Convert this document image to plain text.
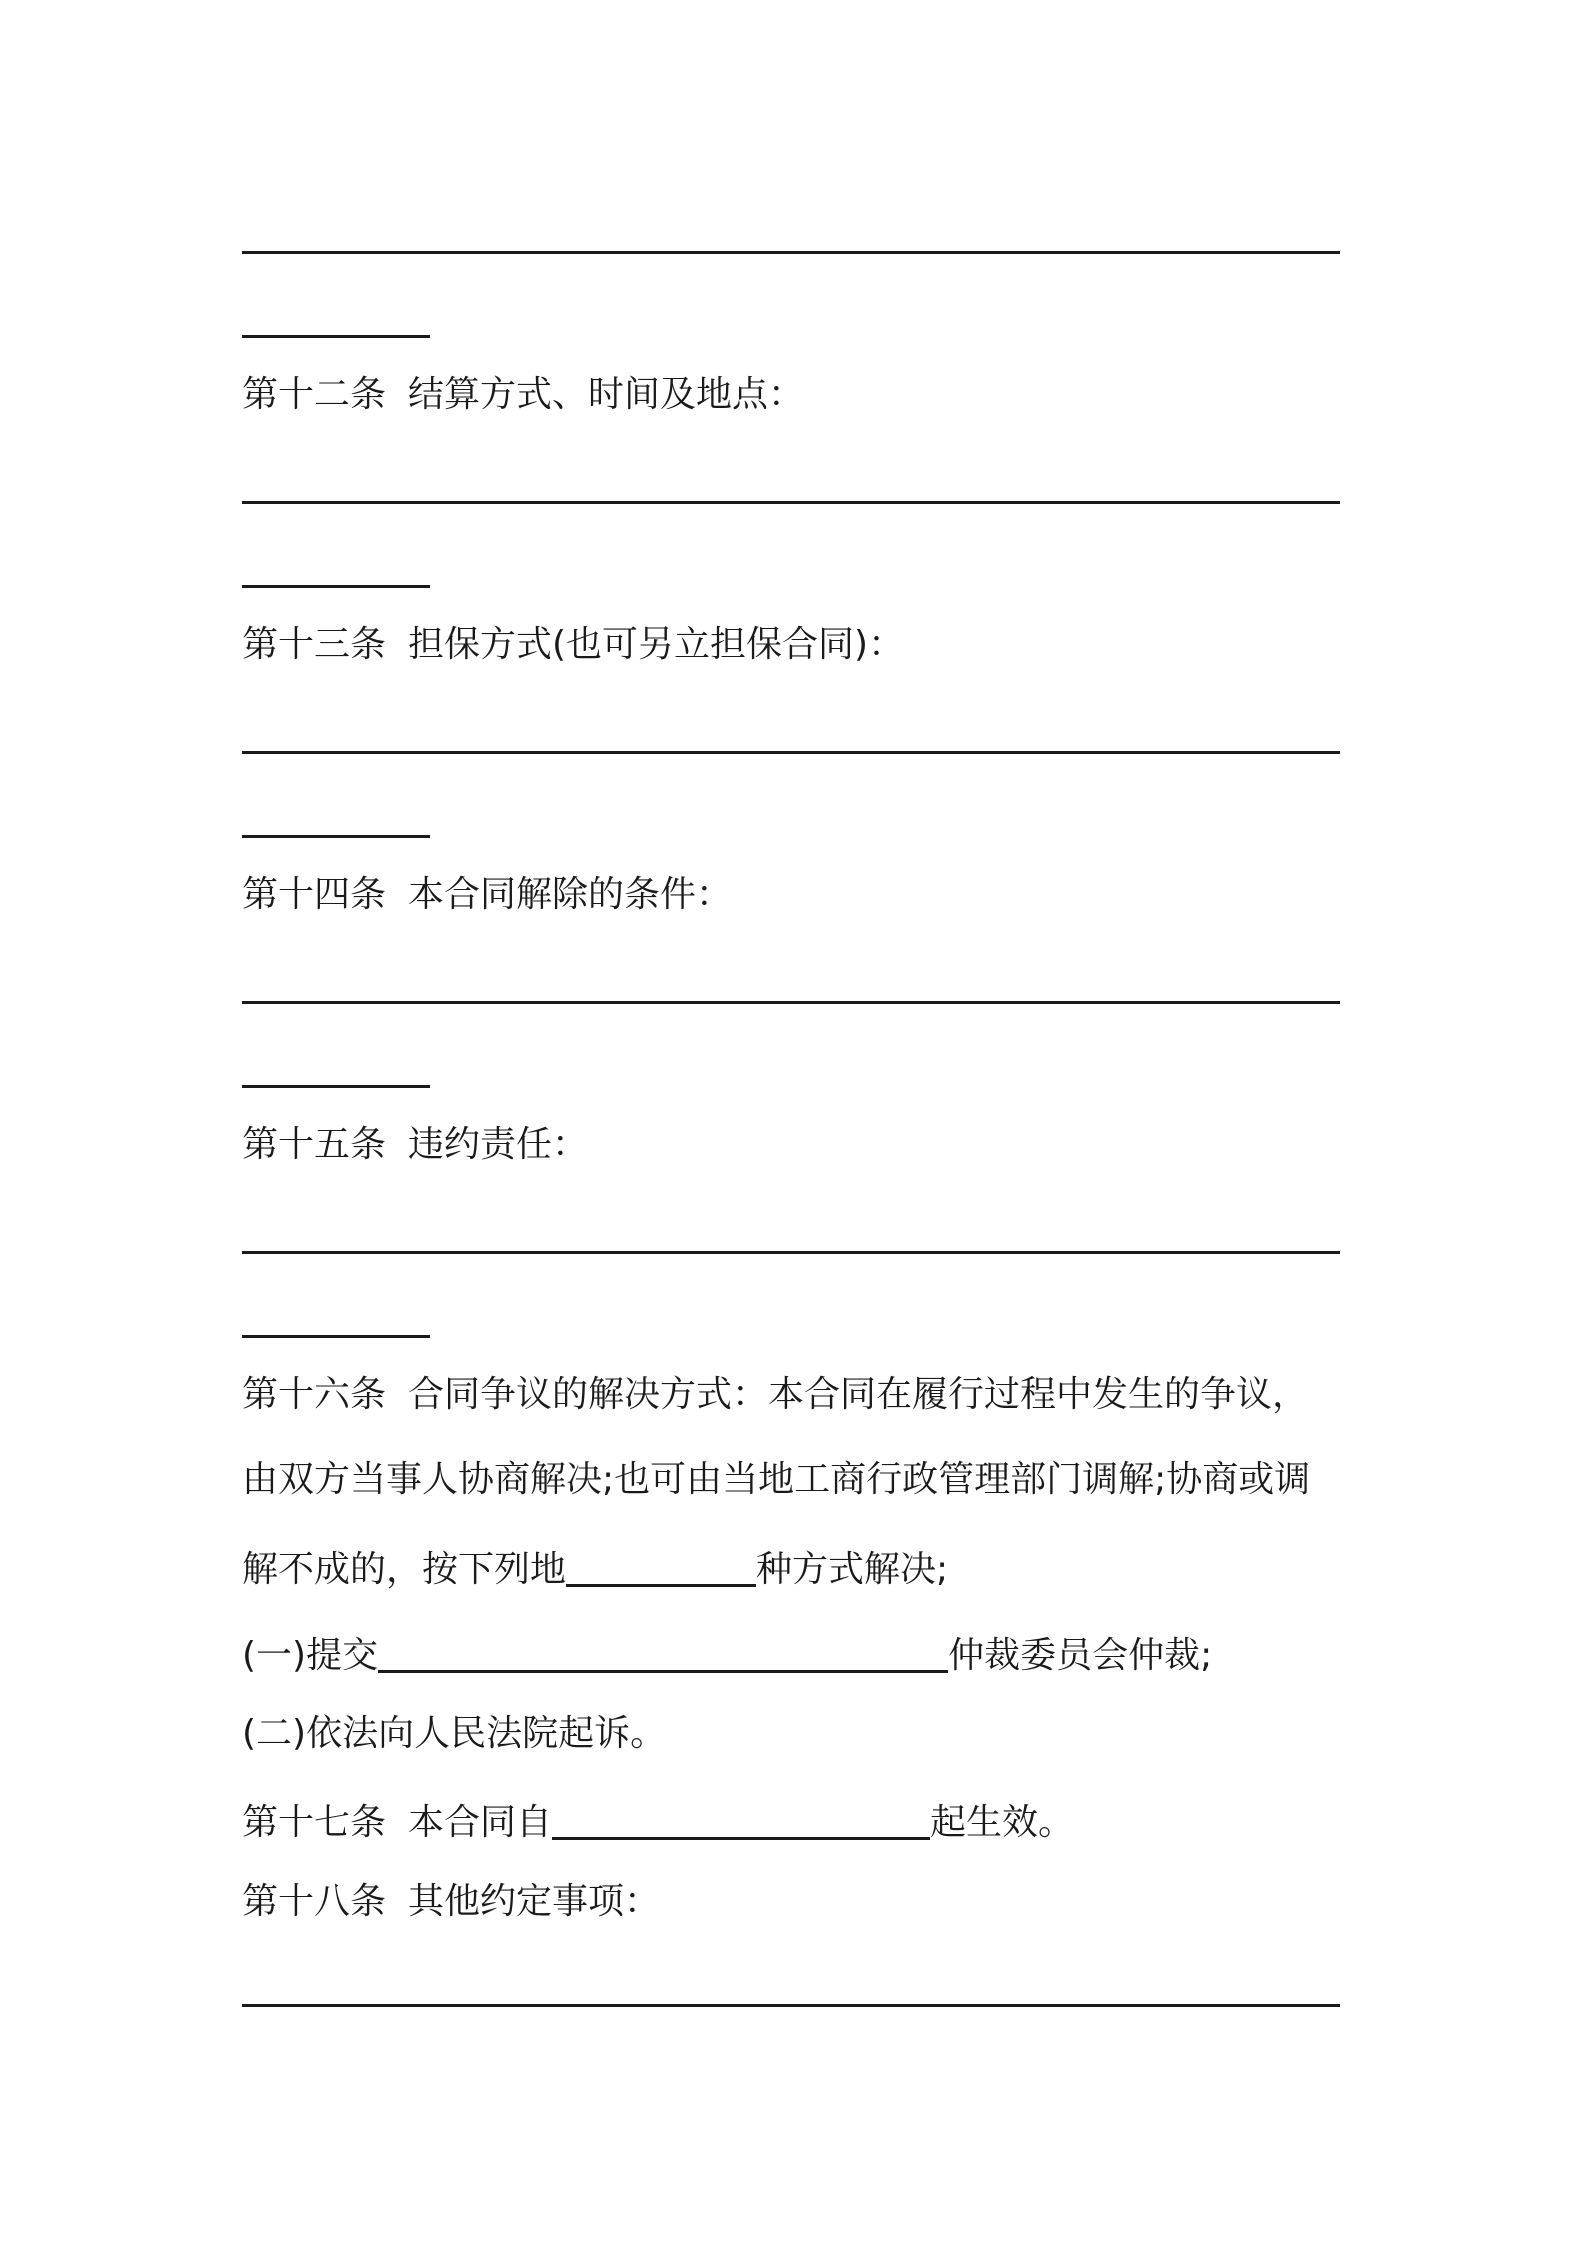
第十二条 结算方式、时间及地点：
第十三条 担保方式(也可另立担保合同)：
第十四条 本合同解除的条件：
第十五条 违约责任：
第十六条 合同争议的解决方式：本合同在履行过程中发生的争议，
由双方当事人协商解决;也可由当地工商行政管理部门调解;协商或调
解不成的，按下列地	种方式解决;
(一)提交	仲裁委员会仲裁;
(二)依法向人民法院起诉。
第十七条 本合同自	起生效。
第十八条 其他约定事项：
